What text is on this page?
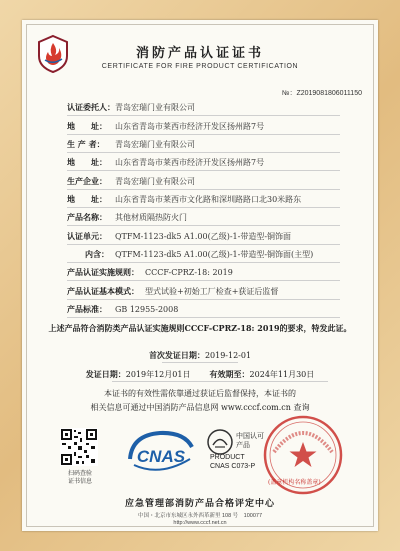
消防产品认证证书
CERTIFICATE FOR FIRE PRODUCT CERTIFICATION
№：Z2019081806011150
认证委托人：青岛宏瑞门业有限公司
地　　址： 山东省青岛市莱西市经济开发区扬州路7号
生 产 者： 青岛宏瑞门业有限公司
地　　址： 山东省青岛市莱西市经济开发区扬州路7号
生产企业： 青岛宏瑞门业有限公司
地　　址： 山东省青岛市莱西市文化路和深圳路路口北30米路东
产品名称： 其他材质隔热防火门
认证单元： QTFM-1123-dk5 A1.00(乙级)-1-带造型-铜饰面
内含： QTFM-1123-dk5 A1.00(乙级)-1-带造型-铜饰面(主型)
产品认证实施规则： CCCF-CPRZ-18: 2019
产品认证基本模式： 型式试验+初始工厂检查+获证后监督
产品标准： GB 12955-2008
上述产品符合消防类产品认证实施规则CCCF-CPRZ-18: 2019的要求，特发此证。
首次发证日期：2019-12-01
发证日期：2019年12月01日 有效期至：2024年11月30日
本证书的有效性需依靠通过获证后监督保持，本证书的
相关信息可通过中国消防产品信息网 www.cccf.com.cn 查询
扫码查验
证书信息
CNAS
中国认可
产品
PRODUCT
CNAS C073-P
(盖章机构名称盖章)
应急管理部消防产品合格评定中心
中国・北京市东城区永外西革新里 108 号　100077
http://www.cccf.net.cn
